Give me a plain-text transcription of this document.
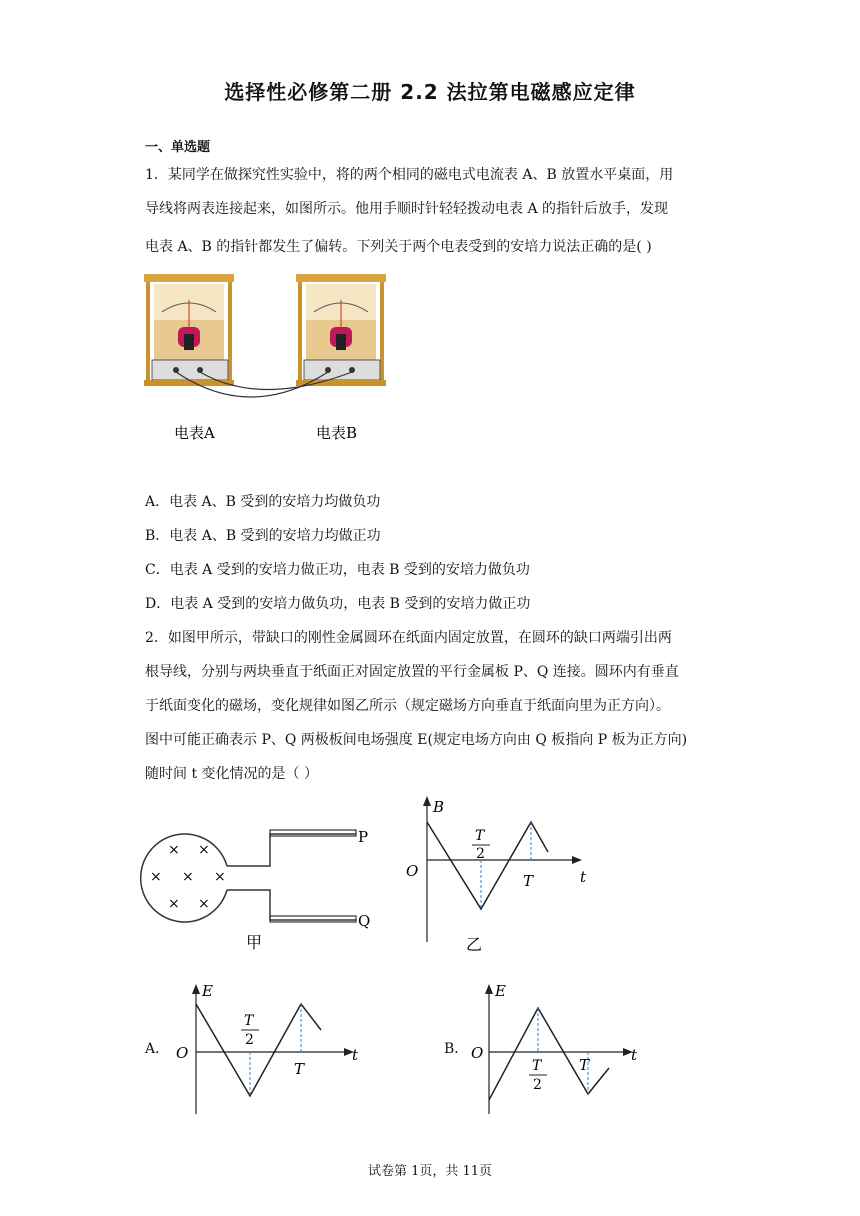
选择性必修第二册 2.2 法拉第电磁感应定律
一、单选题
1．某同学在做探究性实验中，将的两个相同的磁电式电流表 A、B 放置水平桌面，用
导线将两表连接起来，如图所示。他用手顺时针轻轻拨动电表 A 的指针后放手，发现
电表 A、B 的指针都发生了偏转。下列关于两个电表受到的安培力说法正确的是( )
电表A	电表B
A．电表 A、B 受到的安培力均做负功
B．电表 A、B 受到的安培力均做正功
C．电表 A 受到的安培力做正功，电表 B 受到的安培力做负功
D．电表 A 受到的安培力做负功，电表 B 受到的安培力做正功
2．如图甲所示，带缺口的刚性金属圆环在纸面内固定放置，在圆环的缺口两端引出两
根导线，分别与两块垂直于纸面正对固定放置的平行金属板 P、Q 连接。圆环内有垂直
于纸面变化的磁场，变化规律如图乙所示（规定磁场方向垂直于纸面向里为正方向）。
图中可能正确表示 P、Q 两极板间电场强度 E(规定电场方向由 Q 板指向 P 板为正方向)
随时间 t 变化情况的是（ ）
P
Q
× ×
× × ×
× ×
甲
B
t
O
T
2
T
乙
A．
E
t
O
T
2
T
B．
E
t
O
T
2
T
试卷第 1页，共 11页
